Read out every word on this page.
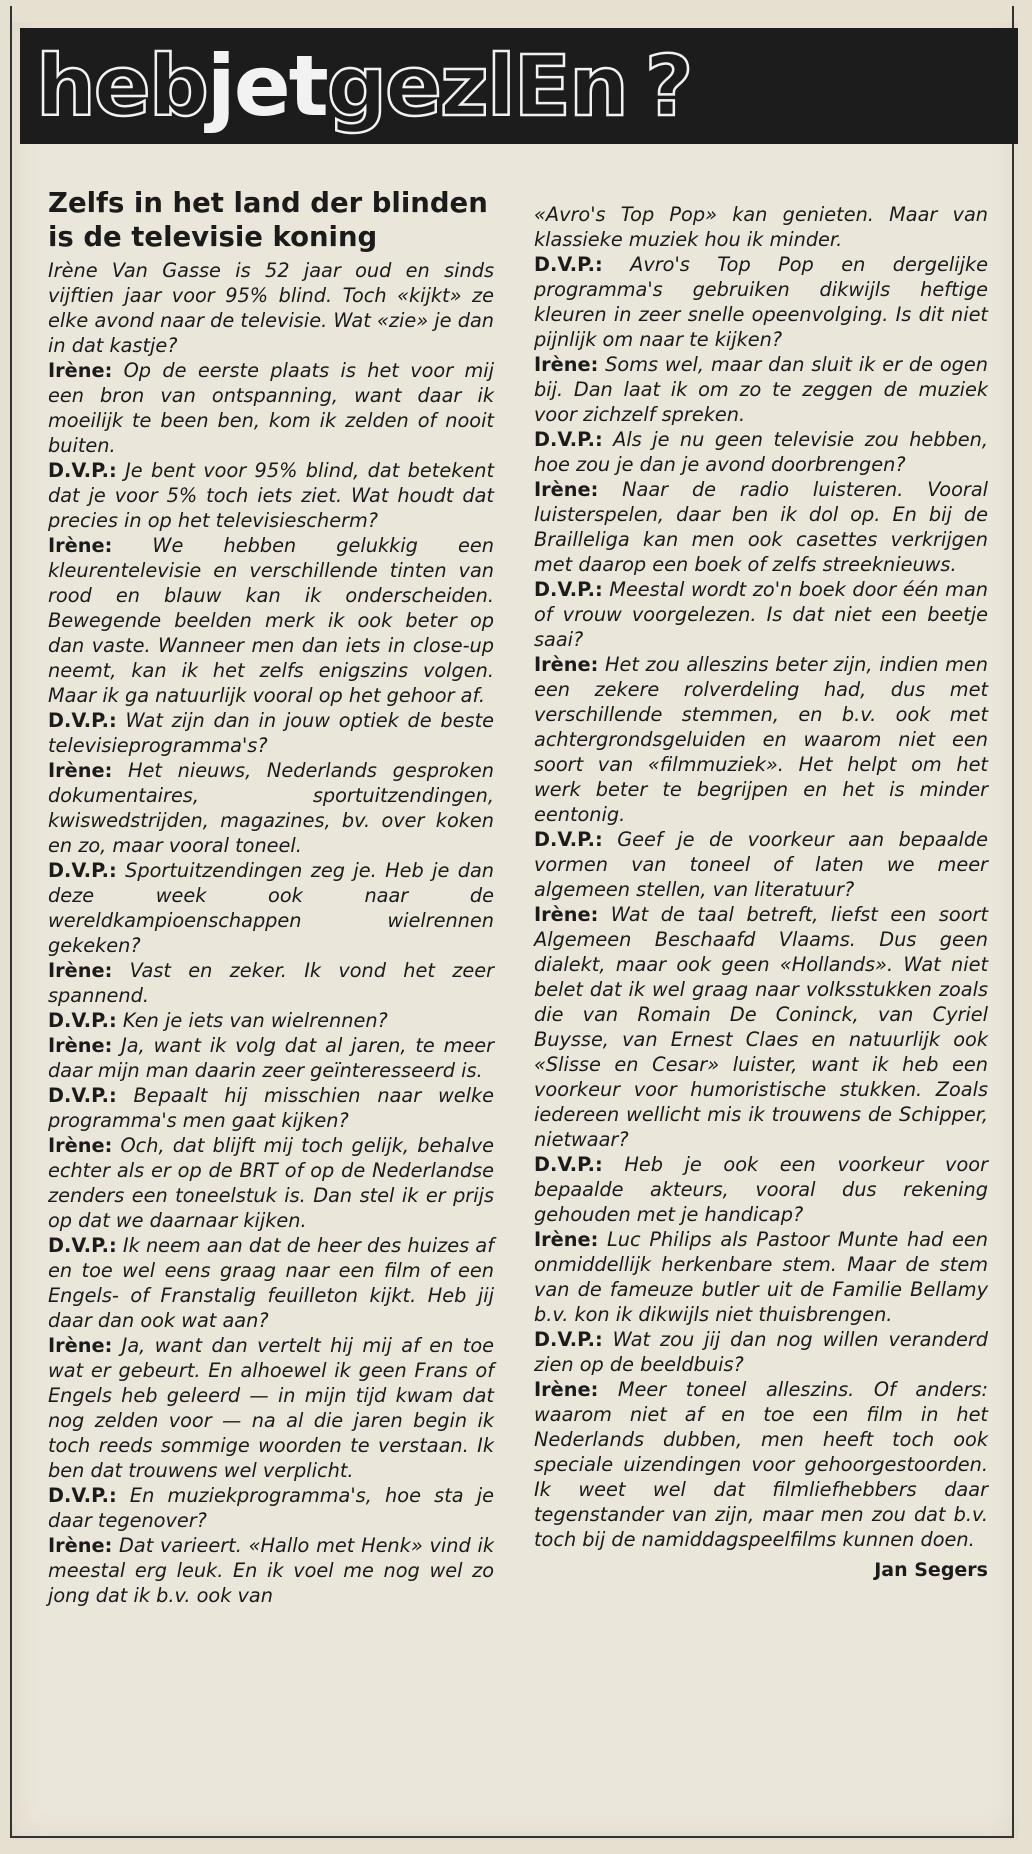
hebjetgezlEn ?
Zelfs in het land der blinden is de televisie koning

Irène Van Gasse is 52 jaar oud en sinds vijftien jaar voor 95% blind. Toch «kijkt» ze elke avond naar de televisie. Wat «zie» je dan in dat kastje?

Irène: Op de eerste plaats is het voor mij een bron van ontspanning, want daar ik moeilijk te been ben, kom ik zelden of nooit buiten.

D.V.P.: Je bent voor 95% blind, dat betekent dat je voor 5% toch iets ziet. Wat houdt dat precies in op het televisiescherm?

Irène: We hebben gelukkig een kleurentelevisie en verschillende tinten van rood en blauw kan ik onderscheiden. Bewegende beelden merk ik ook beter op dan vaste. Wanneer men dan iets in close-up neemt, kan ik het zelfs enigszins volgen. Maar ik ga natuurlijk vooral op het gehoor af.

D.V.P.: Wat zijn dan in jouw optiek de beste televisieprogramma's?

Irène: Het nieuws, Nederlands gesproken dokumentaires, sportuitzendingen, kwiswedstrijden, magazines, bv. over koken en zo, maar vooral toneel.

D.V.P.: Sportuitzendingen zeg je. Heb je dan deze week ook naar de wereldkampioenschappen wielrennen gekeken?

Irène: Vast en zeker. Ik vond het zeer spannend.

D.V.P.: Ken je iets van wielrennen?

Irène: Ja, want ik volg dat al jaren, te meer daar mijn man daarin zeer geïnteresseerd is.

D.V.P.: Bepaalt hij misschien naar welke programma's men gaat kijken?

Irène: Och, dat blijft mij toch gelijk, behalve echter als er op de BRT of op de Nederlandse zenders een toneelstuk is. Dan stel ik er prijs op dat we daarnaar kijken.

D.V.P.: Ik neem aan dat de heer des huizes af en toe wel eens graag naar een film of een Engels- of Franstalig feuilleton kijkt. Heb jij daar dan ook wat aan?

Irène: Ja, want dan vertelt hij mij af en toe wat er gebeurt. En alhoewel ik geen Frans of Engels heb geleerd — in mijn tijd kwam dat nog zelden voor — na al die jaren begin ik toch reeds sommige woorden te verstaan. Ik ben dat trouwens wel verplicht.

D.V.P.: En muziekprogramma's, hoe sta je daar tegenover?

Irène: Dat varieert. «Hallo met Henk» vind ik meestal erg leuk. En ik voel me nog wel zo jong dat ik b.v. ook van

«Avro's Top Pop» kan genieten. Maar van klassieke muziek hou ik minder.

D.V.P.: Avro's Top Pop en dergelijke programma's gebruiken dikwijls heftige kleuren in zeer snelle opeenvolging. Is dit niet pijnlijk om naar te kijken?

Irène: Soms wel, maar dan sluit ik er de ogen bij. Dan laat ik om zo te zeggen de muziek voor zichzelf spreken.

D.V.P.: Als je nu geen televisie zou hebben, hoe zou je dan je avond doorbrengen?

Irène: Naar de radio luisteren. Vooral luisterspelen, daar ben ik dol op. En bij de Brailleliga kan men ook casettes verkrijgen met daarop een boek of zelfs streeknieuws.

D.V.P.: Meestal wordt zo'n boek door één man of vrouw voorgelezen. Is dat niet een beetje saai?

Irène: Het zou alleszins beter zijn, indien men een zekere rolverdeling had, dus met verschillende stemmen, en b.v. ook met achtergrondsgeluiden en waarom niet een soort van «filmmuziek». Het helpt om het werk beter te begrijpen en het is minder eentonig.

D.V.P.: Geef je de voorkeur aan bepaalde vormen van toneel of laten we meer algemeen stellen, van literatuur?

Irène: Wat de taal betreft, liefst een soort Algemeen Beschaafd Vlaams. Dus geen dialekt, maar ook geen «Hollands». Wat niet belet dat ik wel graag naar volksstukken zoals die van Romain De Coninck, van Cyriel Buysse, van Ernest Claes en natuurlijk ook «Slisse en Cesar» luister, want ik heb een voorkeur voor humoristische stukken. Zoals iedereen wellicht mis ik trouwens de Schipper, nietwaar?

D.V.P.: Heb je ook een voorkeur voor bepaalde akteurs, vooral dus rekening gehouden met je handicap?

Irène: Luc Philips als Pastoor Munte had een onmiddellijk herkenbare stem. Maar de stem van de fameuze butler uit de Familie Bellamy b.v. kon ik dikwijls niet thuisbrengen.

D.V.P.: Wat zou jij dan nog willen veranderd zien op de beeldbuis?

Irène: Meer toneel alleszins. Of anders: waarom niet af en toe een film in het Nederlands dubben, men heeft toch ook speciale uizendingen voor gehoorgestoorden. Ik weet wel dat filmliefhebbers daar tegenstander van zijn, maar men zou dat b.v. toch bij de namiddagspeelfilms kunnen doen.

Jan Segers
